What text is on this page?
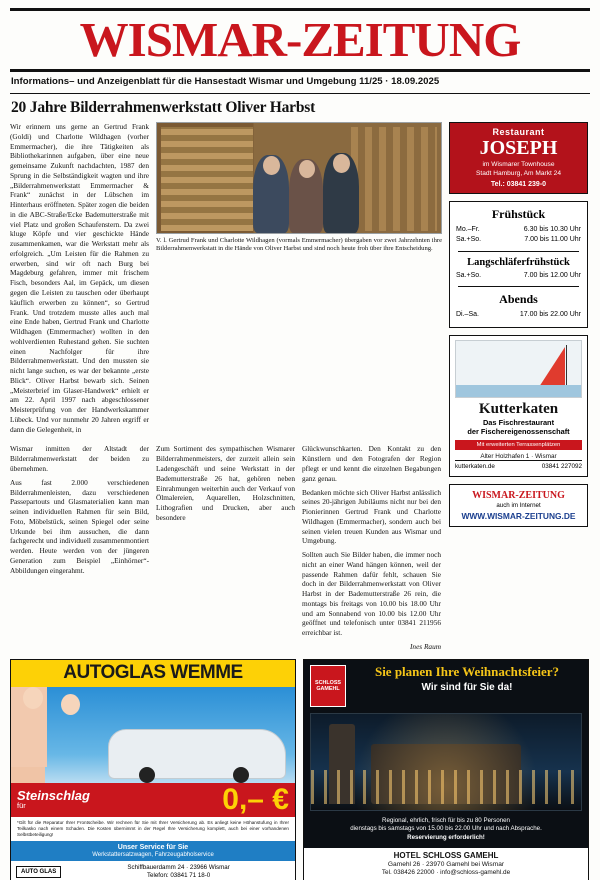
WISMAR-ZEITUNG
Informations– und Anzeigenblatt für die Hansestadt Wismar und Umgebung 11/25 · 18.09.2025
20 Jahre Bilderrahmenwerkstatt Oliver Harbst

Wir erinnern uns gerne an Gertrud Frank (Goldi) und Charlotte Wildhagen (vorher Emmermacher), die ihre Tätigkeiten als Bibliothekarinnen aufgaben, über eine neue gemeinsame Zukunft nachdachten, 1987 den Sprung in die Selbständigkeit wagten und ihre „Bilderrahmenwerkstatt Emmermacher & Frank“ zunächst in der Lübschen im Hinterhaus eröffneten. Später zogen die beiden in die ABC-Straße/Ecke Bademutterstraße mit viel Platz und großen Schaufenstern. Da zwei kluge Köpfe und vier geschickte Hände zusammenkamen, war die Werkstatt mehr als erfolgreich. „Um Leisten für die Rahmen zu erwerben, sind wir oft nach Burg bei Magdeburg gefahren, immer mit frischem Fisch, besonders Aal, im Gepäck, um diesen gegen die Leisten zu tauschen oder überhaupt käuflich erwerben zu können“, so Gertrud Frank. Und trotzdem musste alles auch mal eine Ende haben, Gertrud Frank und Charlotte Wildhagen (Emmermacher) wollten in den wohlverdienten Ruhestand gehen. Sie suchten einen Nachfolger für ihre Bilderrahmenwerkstatt. Und den mussten sie nicht lange suchen, es war der bekannte „erste Blick“. Oliver Harbst bewarb sich. Seinen „Meisterbrief im Glaser-Handwerk“ erhielt er am 22. April 1997 nach abgeschlossener Meisterprüfung von der Handwerkskammer Lübeck. Und vor nunmehr 20 Jahren ergriff er dann die Gelegenheit, in

V. l. Gertrud Frank und Charlotte Wildhagen (vormals Emmermacher) übergaben vor zwei Jahrzehnten ihre Bilderrahmenwerkstatt in die Hände von Oliver Harbst und sind noch heute froh über ihre Entscheidung.

Wismar inmitten der Altstadt der Bilderrahmenwerkstatt der beiden zu übernehmen.

Aus fast 2.000 verschiedenen Bilderrahmenleisten, dazu verschiedenen Passepartouts und Glasmaterialien kann man seinen individuellen Rahmen für sein Bild, Foto, Möbelstück, seinen Spiegel oder seine Urkunde bei ihm aussuchen, die dann fachgerecht und individuell zusammenmontiert werden. Heute werden von der jüngeren Generation zum Beispiel „Einhörner“-Abbildungen eingerahmt.

Zum Sortiment des sympathischen Wismarer Bilderrahmenmeisters, der zurzeit allein sein Ladengeschäft und seine Werkstatt in der Bademutterstraße 26 hat, gehören neben Einrahmungen weiterhin auch der Verkauf von Ölmalereien, Aquarellen, Holzschnitten, Lithografien und Drucken, aber auch besondere

Glückwunschkarten. Den Kontakt zu den Künstlern und den Fotografen der Region pflegt er und kennt die einzelnen Begabungen ganz genau.

Bedanken möchte sich Oliver Harbst anlässlich seines 20-jährigen Jubiläums nicht nur bei den Pionierinnen Gertrud Frank und Charlotte Wildhagen (Emmermacher), sondern auch bei seinen vielen treuen Kunden aus Wismar und Umgebung.

Sollten auch Sie Bilder haben, die immer noch nicht an einer Wand hängen können, weil der passende Rahmen dafür fehlt, schauen Sie doch in der Bilderrahmenwerkstatt von Oliver Harbst in der Bademutterstraße 26 rein, die montags bis freitags von 10.00 bis 18.00 Uhr und am Sonnabend von 10.00 bis 12.00 Uhr geöffnet und telefonisch unter 03841 211956 erreichbar ist.

Ines Raum
Restaurant
JOSEPH
im Wismarer Townhouse
Stadt Hamburg, Am Markt 24
Tel.: 03841 239-0
Frühstück
Mo.–Fr.	6.30 bis 10.30 Uhr
Sa.+So.	7.00 bis 11.00 Uhr
Langschläferfrühstück
Sa.+So.	7.00 bis 12.00 Uhr
Abends
Di.–Sa.	17.00 bis 22.00 Uhr
Kutterkaten
Das Fischrestaurant
der Fischereigenossenschaft
Mit erweiterten Terrassenplätzen
Alter Holzhafen 1 · Wismar
kutterkaten.de	03841 227092
WISMAR-ZEITUNG
auch im Internet
WWW.WISMAR-ZEITUNG.DE
AUTOGLAS WEMME
Steinschlag
für	0,– €
*Gilt für die Reparatur Ihrer Frontscheibe. Wir rechnen für Sie mit Ihrer Versicherung ab. Es anliegt keine Höhanstufung in Ihrer Teilkasko nach einem Schaden. Die Kosten übernimmt in der Regel Ihre Versicherung komplett, auch bei einer vorhandenen Selbstbeteiligung!
Unser Service für Sie
Werkstattersatzwagen, Fahrzeugabholservice
AUTO GLAS
Schiffbauerdamm 24 · 23966 Wismar
Telefon: 03841 71 18-0
SCHLOSS GAMEHL
Sie planen Ihre Weihnachtsfeier?
Wir sind für Sie da!
Regional, ehrlich, frisch für bis zu 80 Personen
dienstags bis samstags von 15.00 bis 22.00 Uhr und nach Absprache.
Reservierung erforderlich!
HOTEL SCHLOSS GAMEHL
Gamehl 26 · 23970 Gamehl bei Wismar
Tel. 038426 22000 · info@schloss-gamehl.de
